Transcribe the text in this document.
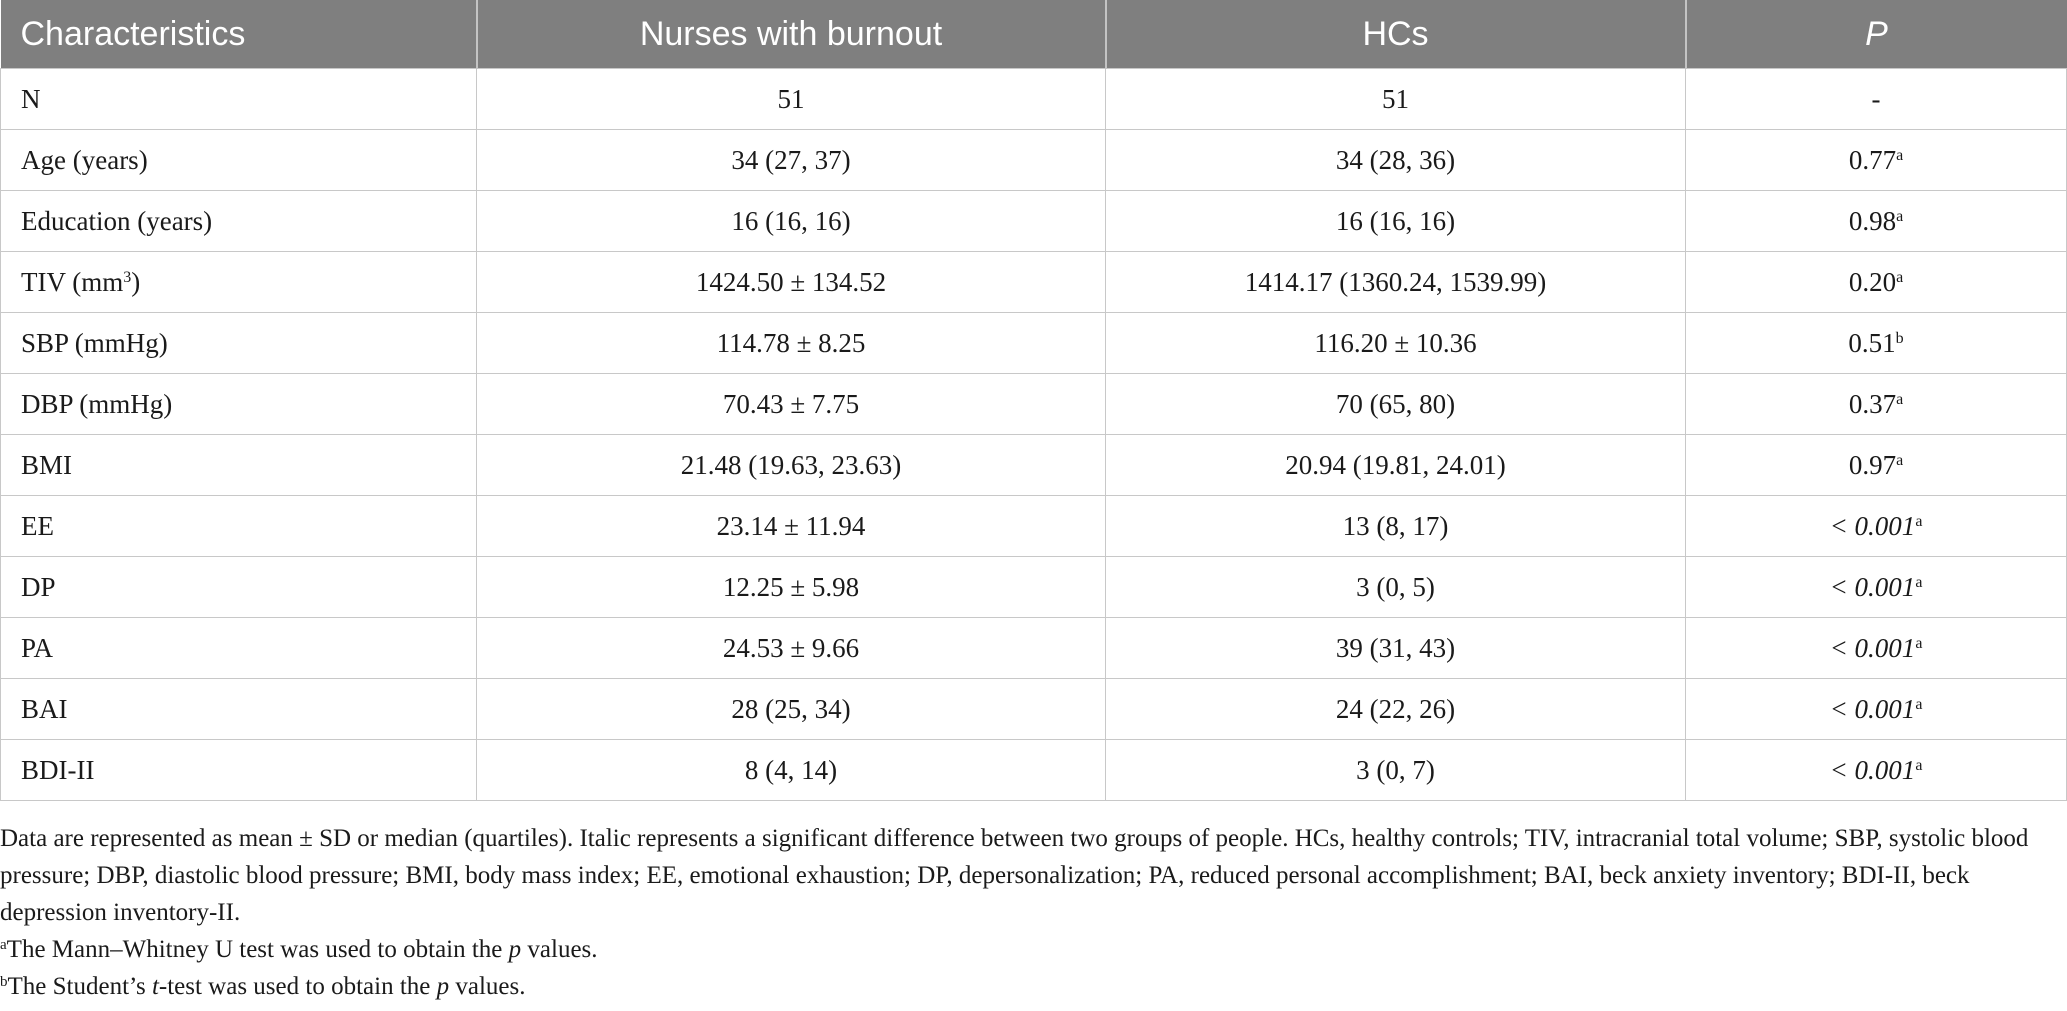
Characteristics	Nurses with burnout	HCs	P
N	51	51	-
Age (years)	34 (27, 37)	34 (28, 36)	0.77$^a$
Education (years)	16 (16, 16)	16 (16, 16)	0.98$^a$
TIV $(mm^3)$	1424.50 ± 134.52	1414.17 (1360.24, 1539.99)	0.20$^a$
SBP (mmHg)	114.78 ± 8.25	116.20 ± 10.36	0.51$^b$
DBP (mmHg)	70.43 ± 7.75	70 (65, 80)	0.37$^a$
BMI	21.48 (19.63, 23.63)	20.94 (19.81, 24.01)	0.97$^a$
EE	23.14 ± 11.94	13 (8, 17)	< 0.001$^a$
DP	12.25 ± 5.98	3 (0, 5)	< 0.001$^a$
PA	24.53 ± 9.66	39 (31, 43)	< 0.001$^a$
BAI	28 (25, 34)	24 (22, 26)	< 0.001$^a$
BDI-II	8 (4, 14)	3 (0, 7)	< 0.001$^a$

Data are represented as mean ± SD or median (quartiles). Italic represents a significant difference between two groups of people. HCs, healthy controls; TIV, intracranial total volume; SBP, systolic blood pressure; DBP, diastolic blood pressure; BMI, body mass index; EE, emotional exhaustion; DP, depersonalization; PA, reduced personal accomplishment; BAI, beck anxiety inventory; BDI-II, beck depression inventory-II.

$^a$The Mann–Whitney U test was used to obtain the p values.

$^b$The Student’s t-test was used to obtain the p values.
